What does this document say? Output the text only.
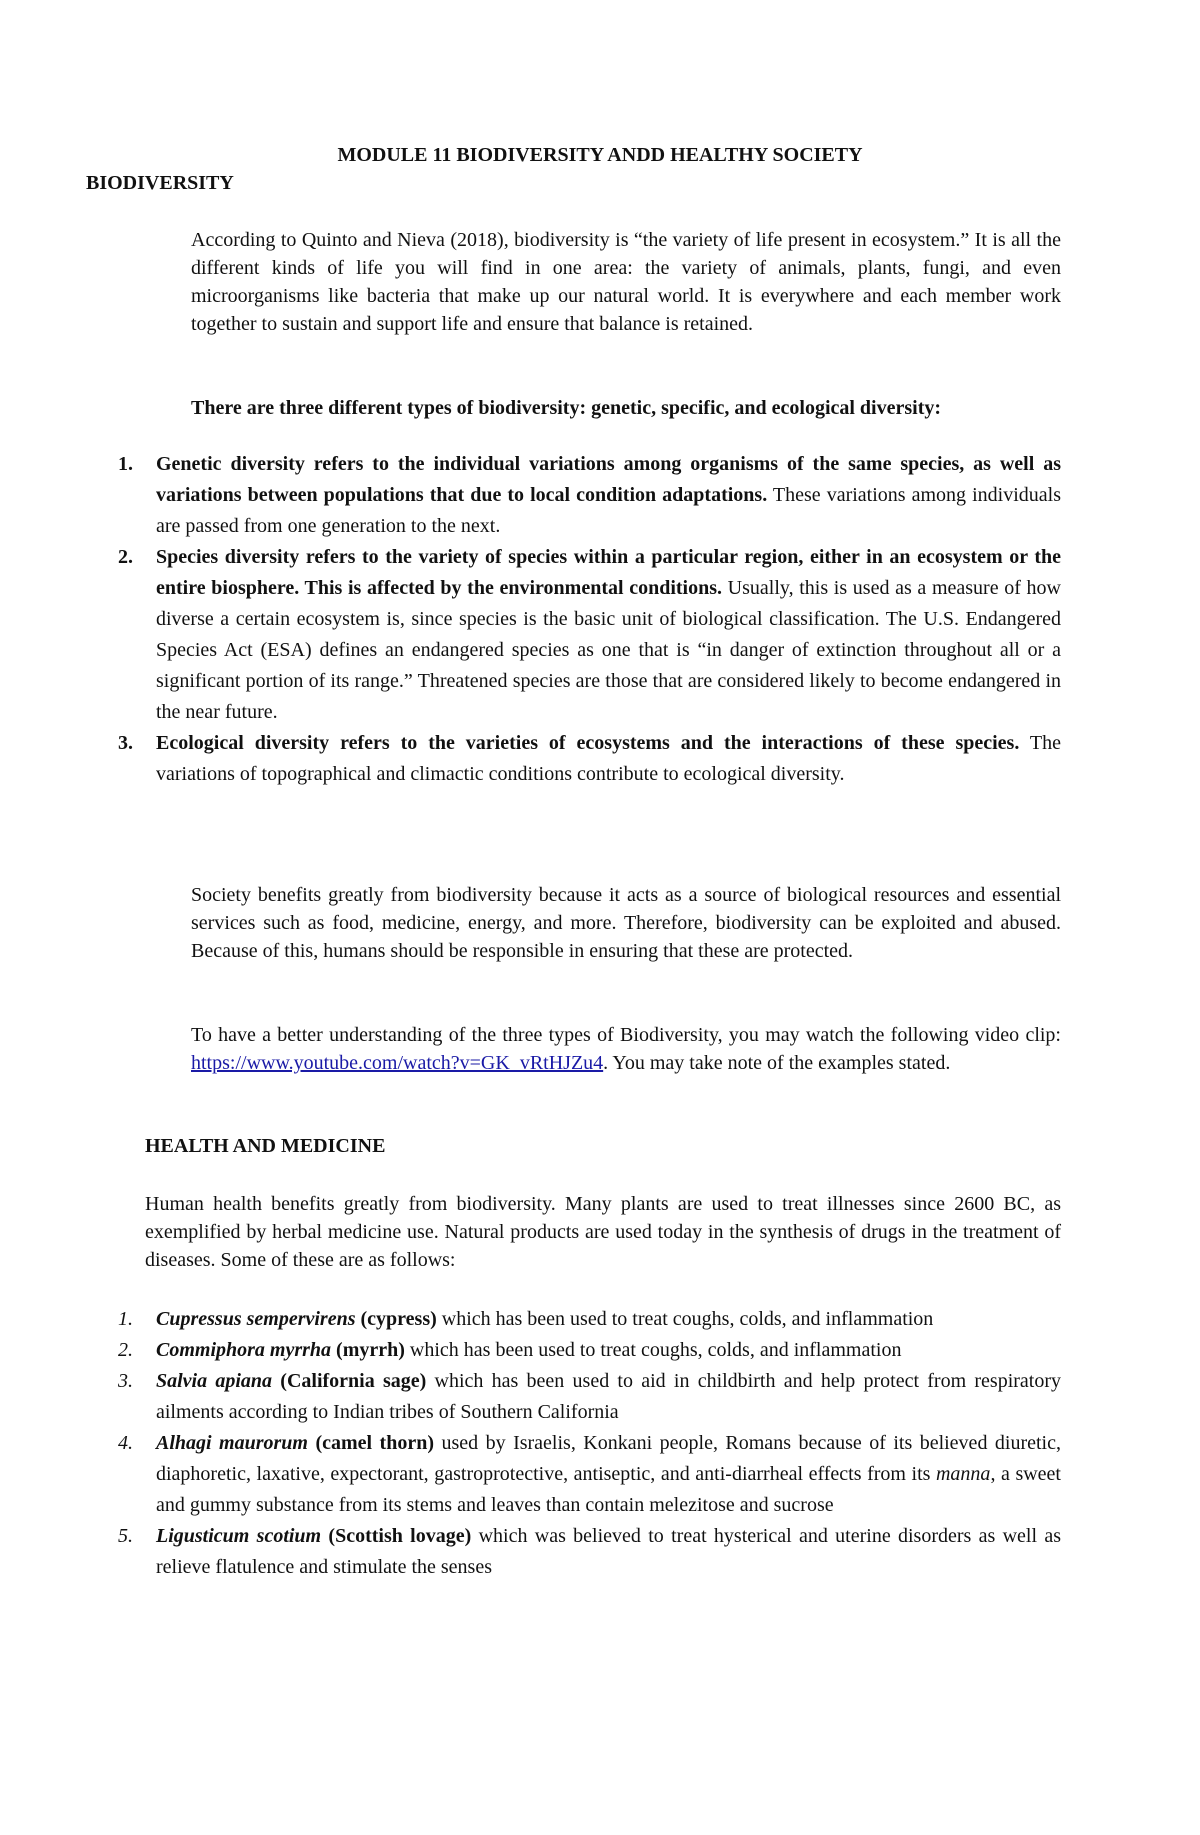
MODULE 11 BIODIVERSITY ANDD HEALTHY SOCIETY
BIODIVERSITY

According to Quinto and Nieva (2018), biodiversity is “the variety of life present in ecosystem.” It is all the different kinds of life you will find in one area: the variety of animals, plants, fungi, and even microorganisms like bacteria that make up our natural world. It is everywhere and each member work together to sustain and support life and ensure that balance is retained.

There are three different types of biodiversity: genetic, specific, and ecological diversity:

1. Genetic diversity refers to the individual variations among organisms of the same species, as well as variations between populations that due to local condition adaptations. These variations among individuals are passed from one generation to the next.
2. Species diversity refers to the variety of species within a particular region, either in an ecosystem or the entire biosphere. This is affected by the environmental conditions. Usually, this is used as a measure of how diverse a certain ecosystem is, since species is the basic unit of biological classification. The U.S. Endangered Species Act (ESA) defines an endangered species as one that is “in danger of extinction throughout all or a significant portion of its range.” Threatened species are those that are considered likely to become endangered in the near future.
3. Ecological diversity refers to the varieties of ecosystems and the interactions of these species. The variations of topographical and climactic conditions contribute to ecological diversity.

Society benefits greatly from biodiversity because it acts as a source of biological resources and essential services such as food, medicine, energy, and more. Therefore, biodiversity can be exploited and abused. Because of this, humans should be responsible in ensuring that these are protected.

To have a better understanding of the three types of Biodiversity, you may watch the following video clip: https://www.youtube.com/watch?v=GK_vRtHJZu4. You may take note of the examples stated.

HEALTH AND MEDICINE

Human health benefits greatly from biodiversity. Many plants are used to treat illnesses since 2600 BC, as exemplified by herbal medicine use. Natural products are used today in the synthesis of drugs in the treatment of diseases. Some of these are as follows:

1. Cupressus sempervirens (cypress) which has been used to treat coughs, colds, and inflammation
2. Commiphora myrrha (myrrh) which has been used to treat coughs, colds, and inflammation
3. Salvia apiana (California sage) which has been used to aid in childbirth and help protect from respiratory ailments according to Indian tribes of Southern California
4. Alhagi maurorum (camel thorn) used by Israelis, Konkani people, Romans because of its believed diuretic, diaphoretic, laxative, expectorant, gastroprotective, antiseptic, and anti-diarrheal effects from its manna, a sweet and gummy substance from its stems and leaves than contain melezitose and sucrose
5. Ligusticum scotium (Scottish lovage) which was believed to treat hysterical and uterine disorders as well as relieve flatulence and stimulate the senses
